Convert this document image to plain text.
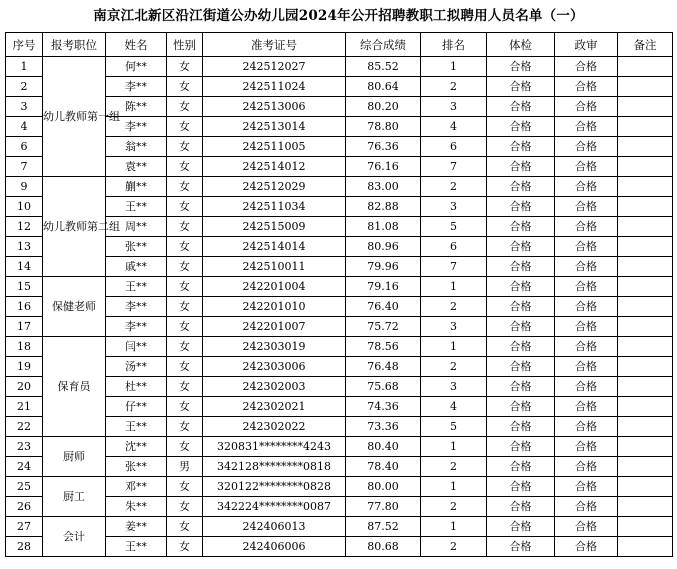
南京江北新区沿江街道公办幼儿园2024年公开招聘教职工拟聘用人员名单（一）
序号	报考职位	姓名	性别	准考证号	综合成绩	排名	体检	政审	备注
1	幼儿教师第一组	何**	女	242512027	85.52	1	合格	合格	
2		李**	女	242511024	80.64	2	合格	合格	
3		陈**	女	242513006	80.20	3	合格	合格	
4		李**	女	242513014	78.80	4	合格	合格	
6		翁**	女	242511005	76.36	6	合格	合格	
7		袁**	女	242514012	76.16	7	合格	合格	
9	幼儿教师第二组	蒯**	女	242512029	83.00	2	合格	合格	
10		王**	女	242511034	82.88	3	合格	合格	
12		周**	女	242515009	81.08	5	合格	合格	
13		张**	女	242514014	80.96	6	合格	合格	
14		戚**	女	242510011	79.96	7	合格	合格	
15	保健老师	王**	女	242201004	79.16	1	合格	合格	
16		李**	女	242201010	76.40	2	合格	合格	
17		李**	女	242201007	75.72	3	合格	合格	
18	保育员	闫**	女	242303019	78.56	1	合格	合格	
19		汤**	女	242303006	76.48	2	合格	合格	
20		杜**	女	242302003	75.68	3	合格	合格	
21		仔**	女	242302021	74.36	4	合格	合格	
22		王**	女	242302022	73.36	5	合格	合格	
23	厨师	沈**	女	320831********4243	80.40	1	合格	合格	
24		张**	男	342128********0818	78.40	2	合格	合格	
25	厨工	邓**	女	320122********0828	80.00	1	合格	合格	
26		朱**	女	342224********0087	77.80	2	合格	合格	
27	会计	姜**	女	242406013	87.52	1	合格	合格	
28		王**	女	242406006	80.68	2	合格	合格	
